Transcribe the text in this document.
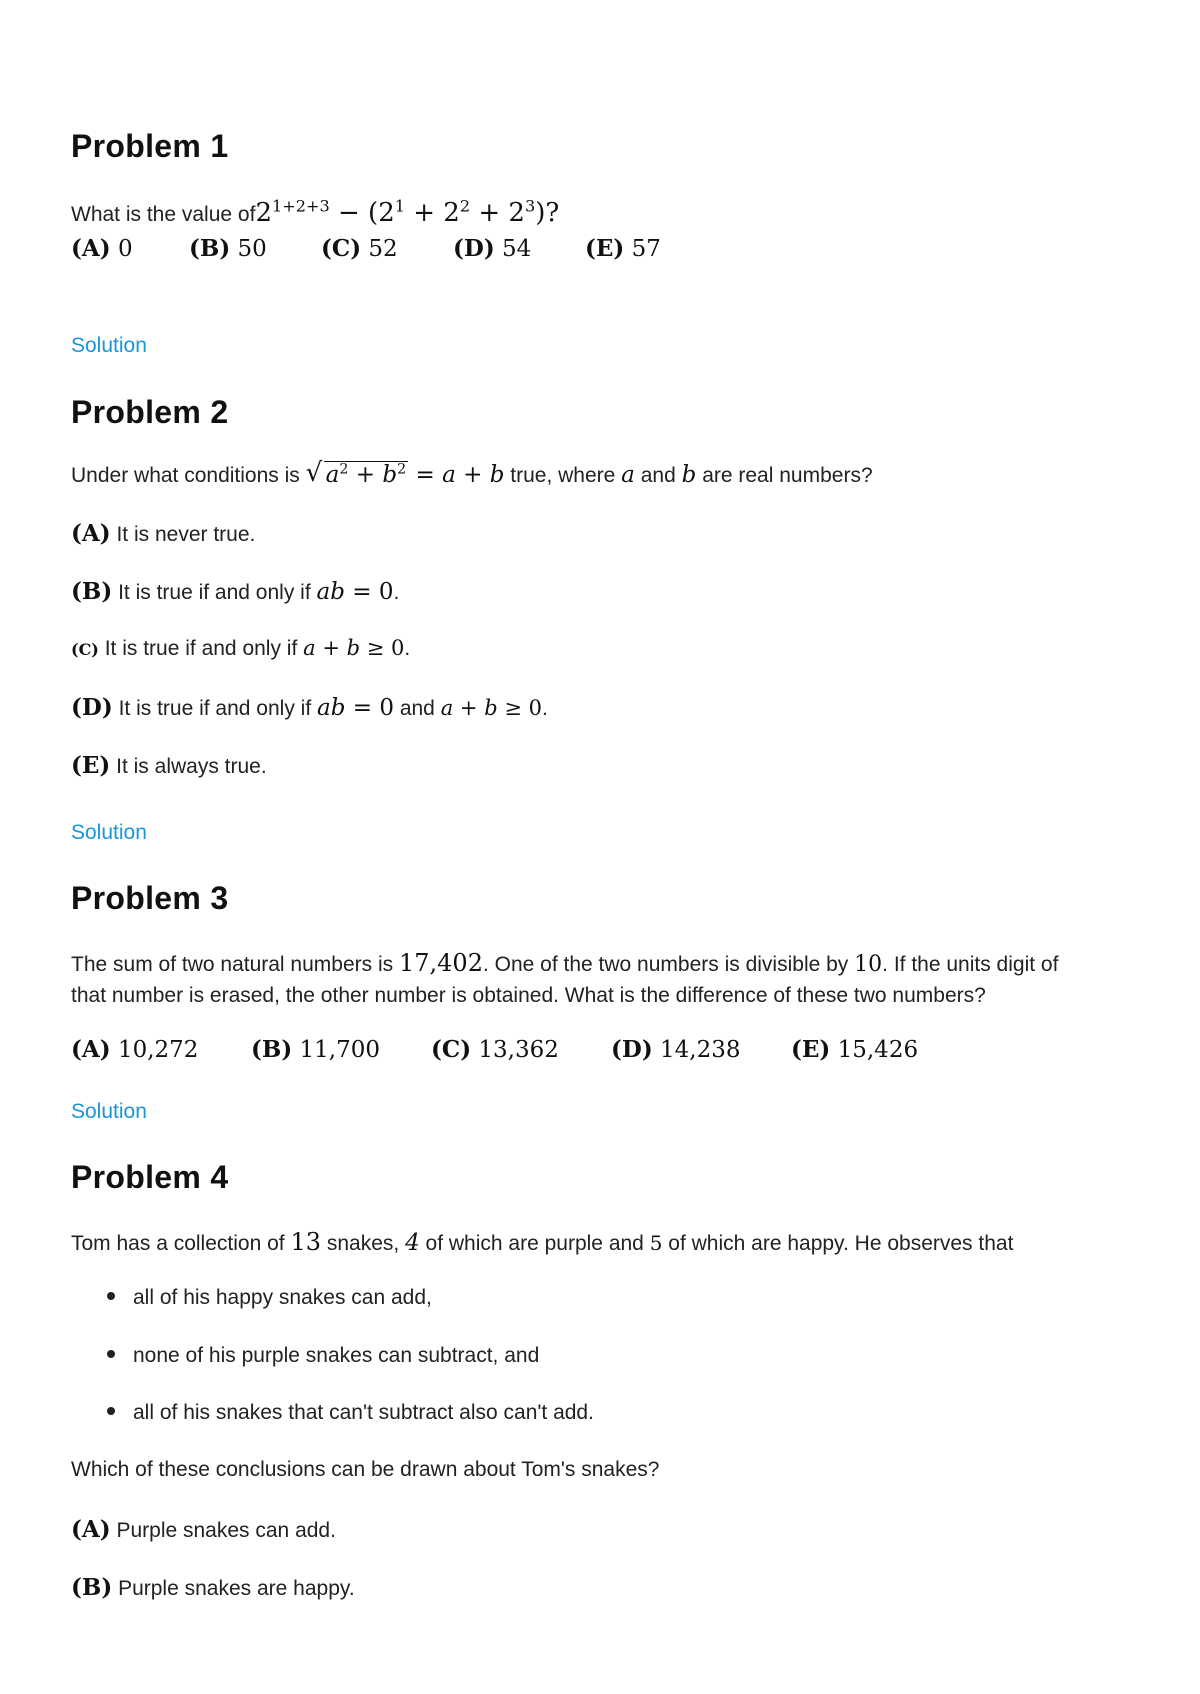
Problem 1
What is the value $of2^{1+2+3} - (2^1 + 2^2 + 2^3)$?
(A) 0 (B) 50 (C) 52 (D) 54 (E) 57
Solution
Problem 2
Under what conditions is √ $a^2 + b^2 = a + b$ true, where a and b are real numbers?
(A) It is never true.
(B) It is true if and only if ab = 0.
(C) It is true if and only if a + b ≥ 0.
(D) It is true if and only if ab = 0 and a + b ≥ 0.
(E) It is always true.
Solution
Problem 3
The sum of two natural numbers is 17,402. One of the two numbers is divisible by 10. If the units digit of
that number is erased, the other number is obtained. What is the difference of these two numbers?
(A) 10,272 (B) 11,700 (C) 13,362 (D) 14,238 (E) 15,426
Solution
Problem 4
Tom has a collection of 13 snakes, 4 of which are purple and 5 of which are happy. He observes that
all of his happy snakes can add,
none of his purple snakes can subtract, and
all of his snakes that can't subtract also can't add.
Which of these conclusions can be drawn about Tom's snakes?
(A) Purple snakes can add.
(B) Purple snakes are happy.
